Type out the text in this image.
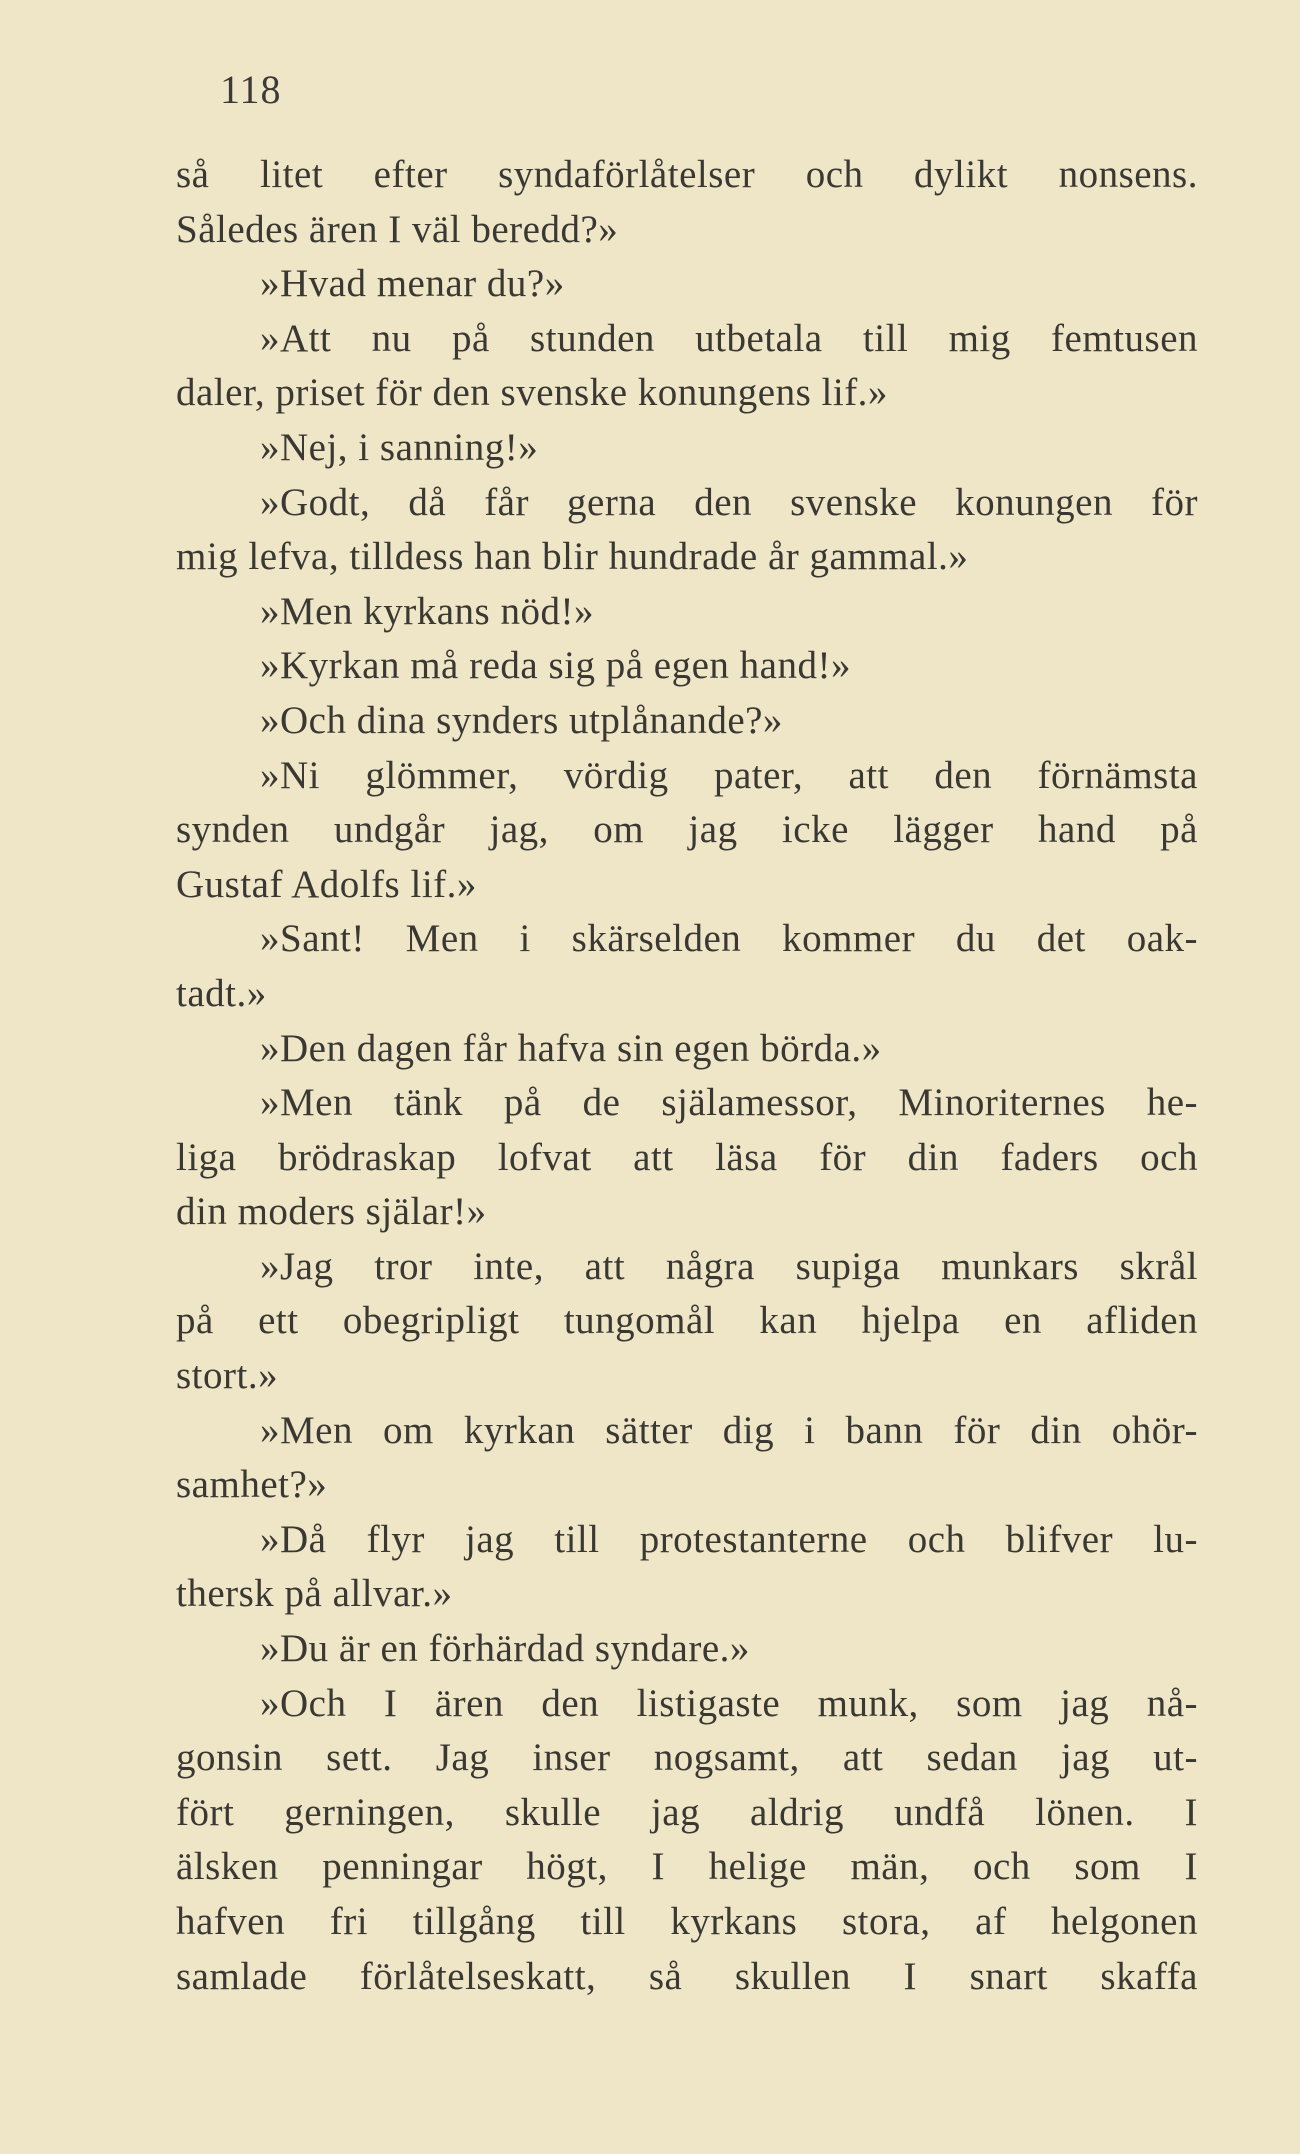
118
så litet efter syndaförlåtelser och dylikt nonsens.
Således ären I väl beredd?»
»Hvad menar du?»
»Att nu på stunden utbetala till mig femtusen
daler, priset för den svenske konungens lif.»
»Nej, i sanning!»
»Godt, då får gerna den svenske konungen för
mig lefva, tilldess han blir hundrade år gammal.»
»Men kyrkans nöd!»
»Kyrkan må reda sig på egen hand!»
»Och dina synders utplånande?»
»Ni glömmer, vördig pater, att den förnämsta
synden undgår jag, om jag icke lägger hand på
Gustaf Adolfs lif.»
»Sant! Men i skärselden kommer du det oak-
tadt.»
»Den dagen får hafva sin egen börda.»
»Men tänk på de själamessor, Minoriternes he-
liga brödraskap lofvat att läsa för din faders och
din moders själar!»
»Jag tror inte, att några supiga munkars skrål
på ett obegripligt tungomål kan hjelpa en afliden
stort.»
»Men om kyrkan sätter dig i bann för din ohör-
samhet?»
»Då flyr jag till protestanterne och blifver lu-
thersk på allvar.»
»Du är en förhärdad syndare.»
»Och I ären den listigaste munk, som jag nå-
gonsin sett. Jag inser nogsamt, att sedan jag ut-
fört gerningen, skulle jag aldrig undfå lönen. I
älsken penningar högt, I helige män, och som I
hafven fri tillgång till kyrkans stora, af helgonen
samlade förlåtelseskatt, så skullen I snart skaffa
